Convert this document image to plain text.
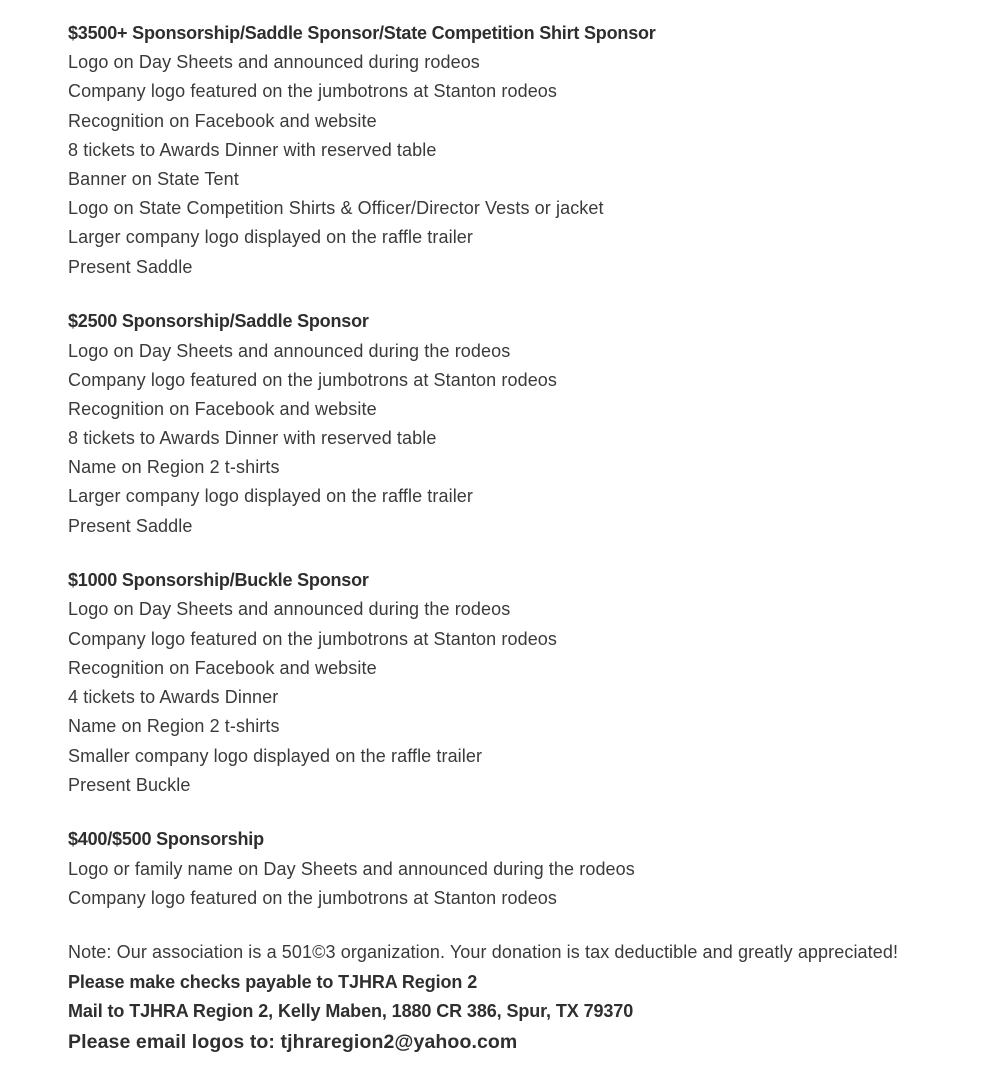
$3500+ Sponsorship/Saddle Sponsor/State Competition Shirt Sponsor
Logo on Day Sheets and announced during rodeos
Company logo featured on the jumbotrons at Stanton rodeos
Recognition on Facebook and website
8 tickets to Awards Dinner with reserved table
Banner on State Tent
Logo on State Competition Shirts & Officer/Director Vests or jacket
Larger company logo displayed on the raffle trailer
Present Saddle
$2500 Sponsorship/Saddle Sponsor
Logo on Day Sheets and announced during the rodeos
Company logo featured on the jumbotrons at Stanton rodeos
Recognition on Facebook and website
8 tickets to Awards Dinner with reserved table
Name on Region 2 t-shirts
Larger company logo displayed on the raffle trailer
Present Saddle
$1000 Sponsorship/Buckle Sponsor
Logo on Day Sheets and announced during the rodeos
Company logo featured on the jumbotrons at Stanton rodeos
Recognition on Facebook and website
4 tickets to Awards Dinner
Name on Region 2 t-shirts
Smaller company logo displayed on the raffle trailer
Present Buckle
$400/$500 Sponsorship
Logo or family name on Day Sheets and announced during the rodeos
Company logo featured on the jumbotrons at Stanton rodeos
Note: Our association is a 501©3 organization. Your donation is tax deductible and greatly appreciated!
Please make checks payable to TJHRA Region 2
Mail to TJHRA Region 2, Kelly Maben, 1880 CR 386, Spur, TX 79370
Please email logos to: tjhraregion2@yahoo.com
